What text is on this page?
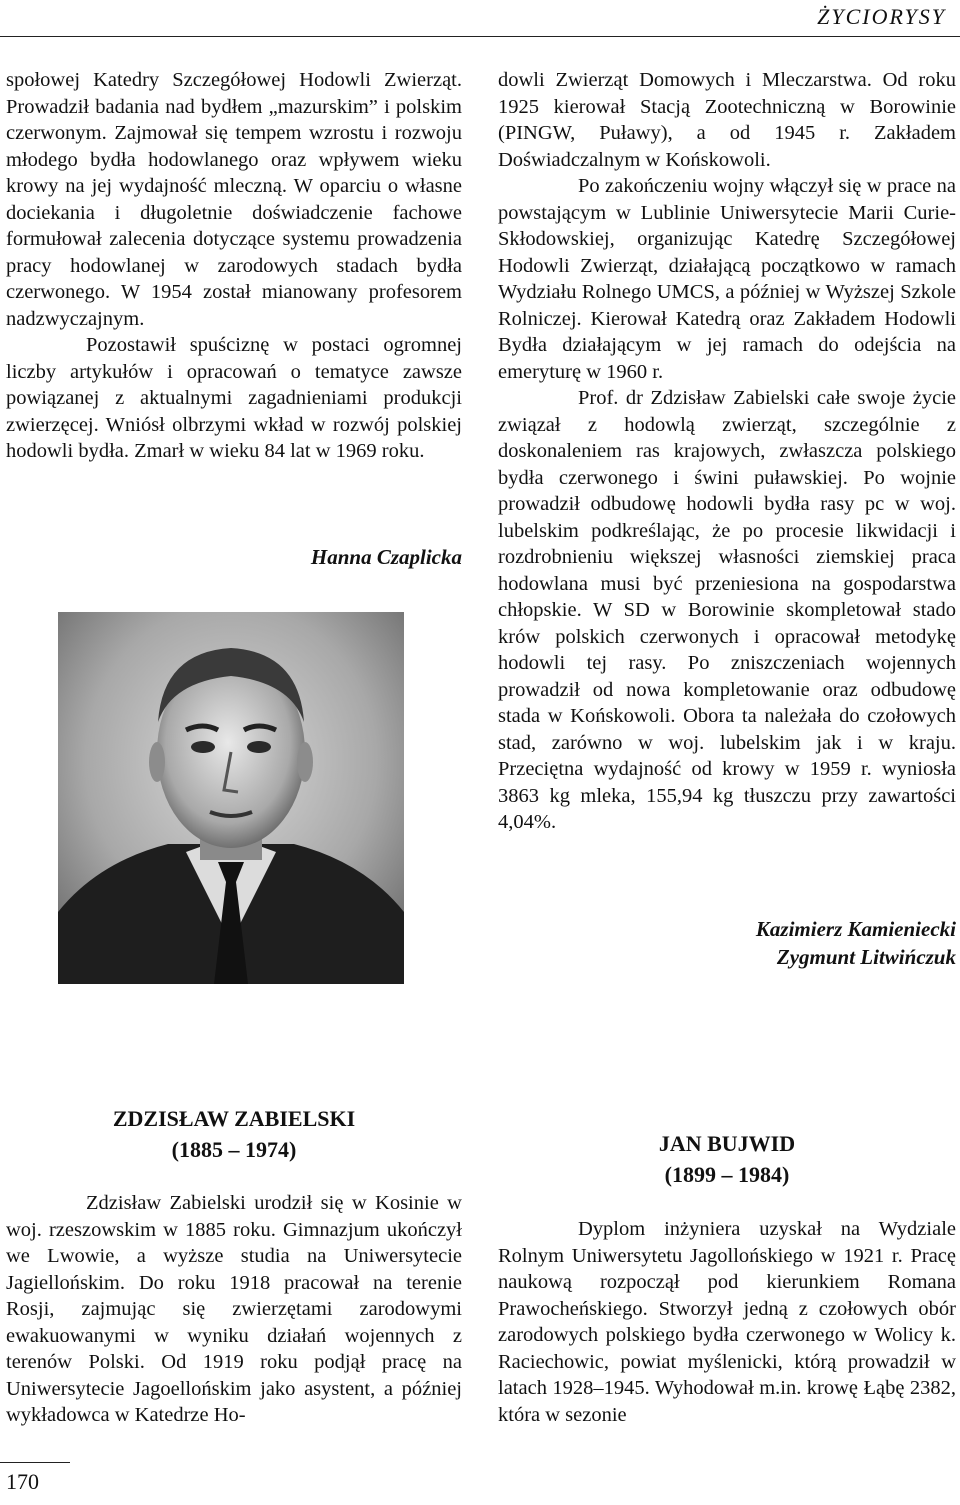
ŻYCIORYSY

społowej Katedry Szczegółowej Hodowli Zwierząt. Prowadził badania nad bydłem „mazurskim” i polskim czerwonym. Zajmował się tempem wzrostu i rozwoju młodego bydła hodowlanego oraz wpływem wieku krowy na jej wydajność mleczną. W oparciu o własne dociekania i długoletnie doświadczenie fachowe formułował zalecenia dotyczące systemu prowadzenia pracy hodowlanej w zarodowych stadach bydła czerwonego. W 1954 został mianowany profesorem nadzwyczajnym.

Pozostawił spuściznę w postaci ogromnej liczby artykułów i opracowań o tematyce zawsze powiązanej z aktualnymi zagadnieniami produkcji zwierzęcej. Wniósł olbrzymi wkład w rozwój polskiej hodowli bydła. Zmarł w wieku 84 lat w 1969 roku.

Hanna Czaplicka

dowli Zwierząt Domowych i Mleczarstwa. Od roku 1925 kierował Stacją Zootechniczną w Borowinie (PINGW, Puławy), a od 1945 r. Zakładem Doświadczalnym w Końskowoli.

Po zakończeniu wojny włączył się w prace na powstającym w Lublinie Uniwersytecie Marii Curie-Skłodowskiej, organizując Katedrę Szczegółowej Hodowli Zwierząt, działającą początkowo w ramach Wydziału Rolnego UMCS, a później w Wyższej Szkole Rolniczej. Kierował Katedrą oraz Zakładem Hodowli Bydła działającym w jej ramach do odejścia na emeryturę w 1960 r.

Prof. dr Zdzisław Zabielski całe swoje życie związał z hodowlą zwierząt, szczególnie z doskonaleniem ras krajowych, zwłaszcza polskiego bydła czerwonego i świni puławskiej. Po wojnie prowadził odbudowę hodowli bydła rasy pc w woj. lubelskim podkreślając, że po procesie likwidacji i rozdrobnieniu większej własności ziemskiej praca hodowlana musi być przeniesiona na gospodarstwa chłopskie. W SD w Borowinie skompletował stado krów polskich czerwonych i opracował metodykę hodowli tej rasy. Po zniszczeniach wojennych prowadził od nowa kompletowanie oraz odbudowę stada w Końskowoli. Obora ta należała do czołowych stad, zarówno w woj. lubelskim jak i w kraju. Przeciętna wydajność od krowy w 1959 r. wyniosła 3863 kg mleka, 155,94 kg tłuszczu przy zawartości 4,04%.

Kazimierz Kamieniecki
Zygmunt Litwińczuk
ZDZISŁAW ZABIELSKI
(1885 – 1974)

Zdzisław Zabielski urodził się w Kosinie w woj. rzeszowskim w 1885 roku. Gimnazjum ukończył we Lwowie, a wyższe studia na Uniwersytecie Jagiellońskim. Do roku 1918 pracował na terenie Rosji, zajmując się zwierzętami zarodowymi ewakuowanymi w wyniku działań wojennych z terenów Polski. Od 1919 roku podjął pracę na Uniwersytecie Jagoellońskim jako asystent, a później wykładowca w Katedrze Ho-

JAN BUJWID
(1899 – 1984)

Dyplom inżyniera uzyskał na Wydziale Rolnym Uniwersytetu Jagollońskiego w 1921 r. Pracę naukową rozpoczął pod kierunkiem Romana Prawocheńskiego. Stworzył jedną z czołowych obór zarodowych polskiego bydła czerwonego w Wolicy k. Raciechowic, powiat myślenicki, którą prowadził w latach 1928–1945. Wyhodował m.in. krowę Łąbę 2382, która w sezonie

170
